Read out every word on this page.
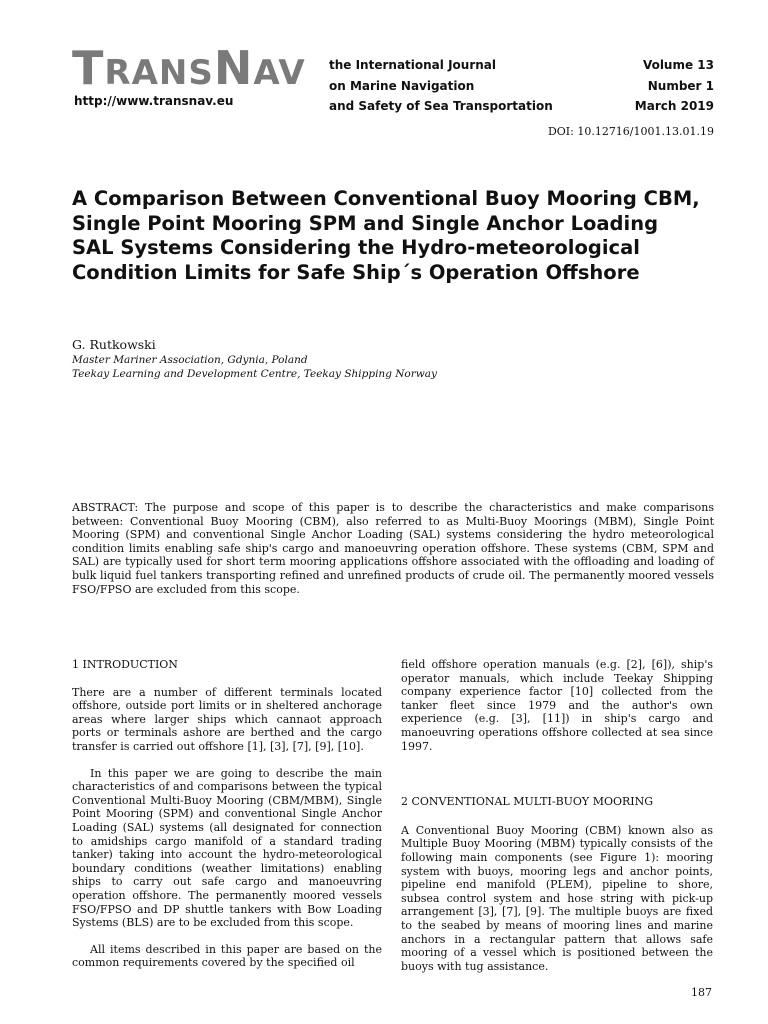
TRANSNAV
http://www.transnav.eu
the International Journal
on Marine Navigation
and Safety of Sea Transportation
Volume 13
Number 1
March 2019
DOI: 10.12716/1001.13.01.19
A Comparison Between Conventional Buoy Mooring CBM, Single Point Mooring SPM and Single Anchor Loading SAL Systems Considering the Hydro-meteorological Condition Limits for Safe Ship´s Operation Offshore
G. Rutkowski
Master Mariner Association, Gdynia, Poland
Teekay Learning and Development Centre, Teekay Shipping Norway
ABSTRACT: The purpose and scope of this paper is to describe the characteristics and make comparisons between: Conventional Buoy Mooring (CBM), also referred to as Multi-Buoy Moorings (MBM), Single Point Mooring (SPM) and conventional Single Anchor Loading (SAL) systems considering the hydro meteorological condition limits enabling safe ship's cargo and manoeuvring operation offshore. These systems (CBM, SPM and SAL) are typically used for short term mooring applications offshore associated with the offloading and loading of bulk liquid fuel tankers transporting refined and unrefined products of crude oil. The permanently moored vessels FSO/FPSO are excluded from this scope.

1 INTRODUCTION

There are a number of different terminals located offshore, outside port limits or in sheltered anchorage areas where larger ships which cannaot approach ports or terminals ashore are berthed and the cargo transfer is carried out offshore [1], [3], [7], [9], [10].

In this paper we are going to describe the main characteristics of and comparisons between the typical Conventional Multi-Buoy Mooring (CBM/MBM), Single Point Mooring (SPM) and conventional Single Anchor Loading (SAL) systems (all designated for connection to amidships cargo manifold of a standard trading tanker) taking into account the hydro-meteorological boundary conditions (weather limitations) enabling ships to carry out safe cargo and manoeuvring operation offshore. The permanently moored vessels FSO/FPSO and DP shuttle tankers with Bow Loading Systems (BLS) are to be excluded from this scope.

All items described in this paper are based on the common requirements covered by the specified oil

field offshore operation manuals (e.g. [2], [6]), ship's operator manuals, which include Teekay Shipping company experience factor [10] collected from the tanker fleet since 1979 and the author's own experience (e.g. [3], [11]) in ship's cargo and manoeuvring operations offshore collected at sea since 1997.

2 CONVENTIONAL MULTI-BUOY MOORING

A Conventional Buoy Mooring (CBM) known also as Multiple Buoy Mooring (MBM) typically consists of the following main components (see Figure 1): mooring system with buoys, mooring legs and anchor points, pipeline end manifold (PLEM), pipeline to shore, subsea control system and hose string with pick-up arrangement [3], [7], [9]. The multiple buoys are fixed to the seabed by means of mooring lines and marine anchors in a rectangular pattern that allows safe mooring of a vessel which is positioned between the buoys with tug assistance.

187
